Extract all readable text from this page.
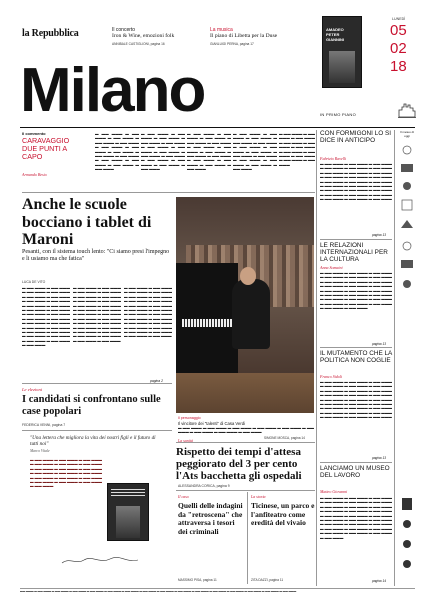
la Repubblica	Il concerto
Iron & Wine, emozioni folk
ANNIBALE CASTIGLIONI, pagina 16
La musica
Il piano di Libetta per la Duse
GIANLUIGI PERNA, pagina 17
AMADEO PETER GIANNINI
LUNEDÌ
05
02
18
Milano	IN PRIMO PIANO
Il commento
CARAVAGGIO DUE PUNTI A CAPO
Armando Besio
▬ ▬▬ ▬▬▬ ▬ ▬▬ ▬▬▬ ▬ ▬▬ ▬▬▬ ▬ ▬▬ ▬▬▬ ▬ ▬▬ ▬▬▬ ▬ ▬▬ ▬▬▬ ▬ ▬▬ ▬▬▬ ▬ ▬▬ ▬▬▬ ▬ ▬▬ ▬▬▬ ▬ ▬▬ ▬▬▬ ▬ ▬▬ ▬▬▬ ▬ ▬▬ ▬▬▬ ▬ ▬▬ ▬▬▬ ▬ ▬▬ ▬▬▬
▬ ▬▬ ▬▬▬ ▬ ▬▬ ▬▬▬ ▬ ▬▬ ▬▬▬ ▬ ▬▬ ▬▬▬ ▬ ▬▬ ▬▬▬ ▬ ▬▬ ▬▬▬ ▬ ▬▬ ▬▬▬ ▬ ▬▬ ▬▬▬ ▬ ▬▬ ▬▬▬ ▬ ▬▬ ▬▬▬ ▬ ▬▬ ▬▬▬ ▬ ▬▬ ▬▬▬ ▬ ▬▬ ▬▬▬ ▬ ▬▬ ▬▬▬
▬ ▬▬ ▬▬▬ ▬ ▬▬ ▬▬▬ ▬ ▬▬ ▬▬▬ ▬ ▬▬ ▬▬▬ ▬ ▬▬ ▬▬▬ ▬ ▬▬ ▬▬▬ ▬ ▬▬ ▬▬▬ ▬ ▬▬ ▬▬▬ ▬ ▬▬ ▬▬▬ ▬ ▬▬ ▬▬▬ ▬ ▬▬ ▬▬▬ ▬ ▬▬ ▬▬▬ ▬ ▬▬ ▬▬▬ ▬ ▬▬ ▬▬▬
▬ ▬▬ ▬▬▬ ▬ ▬▬ ▬▬▬ ▬ ▬▬ ▬▬▬ ▬ ▬▬ ▬▬▬ ▬ ▬▬ ▬▬▬ ▬ ▬▬ ▬▬▬ ▬ ▬▬ ▬▬▬ ▬ ▬▬ ▬▬▬ ▬ ▬▬ ▬▬▬ ▬ ▬▬ ▬▬▬ ▬ ▬▬ ▬▬▬ ▬ ▬▬ ▬▬▬ ▬ ▬▬ ▬▬▬ ▬ ▬▬ ▬▬▬
▬ ▬▬ ▬▬▬ ▬ ▬▬ ▬▬▬ ▬ ▬▬ ▬▬▬ ▬ ▬▬ ▬▬▬ ▬ ▬▬ ▬▬▬ ▬ ▬▬ ▬▬▬ ▬ ▬▬ ▬▬▬ ▬ ▬▬ ▬▬▬ ▬ ▬▬ ▬▬▬ ▬ ▬▬ ▬▬▬ ▬ ▬▬ ▬▬▬
Anche le scuole bocciano i tablet di Maroni
Pesanti, con il sistema touch lento: "Ci siamo presi l'impegno e li usiamo ma che fatica"
LUCA DE VITO
▬ ▬▬ ▬▬▬ ▬ ▬▬ ▬▬▬ ▬ ▬▬ ▬▬▬ ▬ ▬▬ ▬▬▬ ▬ ▬▬ ▬▬▬ ▬ ▬▬ ▬▬▬ ▬ ▬▬ ▬▬▬ ▬ ▬▬ ▬▬▬ ▬ ▬▬ ▬▬▬ ▬ ▬▬ ▬▬▬ ▬ ▬▬ ▬▬▬ ▬ ▬▬ ▬▬▬ ▬ ▬▬ ▬▬▬ ▬ ▬▬ ▬▬▬ ▬ ▬▬ ▬▬▬ ▬ ▬▬ ▬▬▬ ▬ ▬▬ ▬▬▬ ▬ ▬▬ ▬▬▬ ▬ ▬▬ ▬▬▬ ▬ ▬▬ ▬▬▬ ▬ ▬▬ ▬▬▬ ▬ ▬▬ ▬▬▬ ▬ ▬▬ ▬▬▬ ▬ ▬▬ ▬▬▬ ▬ ▬▬ ▬▬▬ ▬ ▬▬ ▬▬▬ ▬ ▬▬ ▬▬▬
▬ ▬▬ ▬▬▬ ▬ ▬▬ ▬▬▬ ▬ ▬▬ ▬▬▬ ▬ ▬▬ ▬▬▬ ▬ ▬▬ ▬▬▬ ▬ ▬▬ ▬▬▬ ▬ ▬▬ ▬▬▬ ▬ ▬▬ ▬▬▬ ▬ ▬▬ ▬▬▬ ▬ ▬▬ ▬▬▬ ▬ ▬▬ ▬▬▬ ▬ ▬▬ ▬▬▬ ▬ ▬▬ ▬▬▬ ▬ ▬▬ ▬▬▬ ▬ ▬▬ ▬▬▬ ▬ ▬▬ ▬▬▬ ▬ ▬▬ ▬▬▬ ▬ ▬▬ ▬▬▬ ▬ ▬▬ ▬▬▬ ▬ ▬▬ ▬▬▬ ▬ ▬▬ ▬▬▬ ▬ ▬▬ ▬▬▬ ▬ ▬▬ ▬▬▬ ▬ ▬▬ ▬▬▬ ▬ ▬▬ ▬▬▬ ▬ ▬▬ ▬▬▬
▬ ▬▬ ▬▬▬ ▬ ▬▬ ▬▬▬ ▬ ▬▬ ▬▬▬ ▬ ▬▬ ▬▬▬ ▬ ▬▬ ▬▬▬ ▬ ▬▬ ▬▬▬ ▬ ▬▬ ▬▬▬ ▬ ▬▬ ▬▬▬ ▬ ▬▬ ▬▬▬ ▬ ▬▬ ▬▬▬ ▬ ▬▬ ▬▬▬ ▬ ▬▬ ▬▬▬ ▬ ▬▬ ▬▬▬ ▬ ▬▬ ▬▬▬ ▬ ▬▬ ▬▬▬ ▬ ▬▬ ▬▬▬ ▬ ▬▬ ▬▬▬ ▬ ▬▬ ▬▬▬ ▬ ▬▬ ▬▬▬ ▬ ▬▬ ▬▬▬ ▬ ▬▬ ▬▬▬ ▬ ▬▬ ▬▬▬ ▬ ▬▬ ▬▬▬ ▬ ▬▬ ▬▬▬
pagina 2
Il personaggio
Il vincitore dei "talenti" di Casa Verdi
▬ ▬▬ ▬▬▬ ▬ ▬▬ ▬▬▬ ▬ ▬▬ ▬▬▬ ▬ ▬▬ ▬▬▬ ▬ ▬▬ ▬▬▬ ▬ ▬▬ ▬▬▬ ▬ ▬▬ ▬▬▬ ▬ ▬▬ ▬▬▬ ▬ ▬▬ ▬▬▬
SIMONE MOSCA, pagina 14
Le elezioni
I candidati si confrontano sulle case popolari
FEDERICA VENNI, pagina 7
"Una lettera che migliora la vita dei nostri figli e il futuro di tutti noi"
Marco Vitale
▬ ▬▬ ▬▬▬ ▬ ▬▬ ▬▬▬ ▬ ▬▬ ▬▬▬ ▬ ▬▬ ▬▬▬ ▬ ▬▬ ▬▬▬ ▬ ▬▬ ▬▬▬ ▬ ▬▬ ▬▬▬ ▬ ▬▬ ▬▬▬ ▬ ▬▬ ▬▬▬ ▬ ▬▬ ▬▬▬ ▬ ▬▬ ▬▬▬ ▬ ▬▬ ▬▬▬ ▬ ▬▬ ▬▬▬ ▬ ▬▬ ▬▬▬ ▬ ▬▬ ▬▬▬ ▬ ▬▬ ▬▬▬ ▬ ▬▬ ▬▬▬ ▬ ▬▬ ▬▬▬ ▬ ▬▬ ▬▬▬
La sanità
Rispetto dei tempi d'attesa peggiorato del 3 per cento l'Ats bacchetta gli ospedali
ALESSANDRA CORICA, pagina 9
Il caso
Quelli delle indagini da "retroscena" che attraversa i tesori dei criminali
MASSIMO PISA, pagina 11
La storia
Ticinese, un parco e l'anfiteatro come eredità del vivaio
ZITA DAZZI, pagina 11
CON FORMIGONI LO SI DICE IN ANTICIPO
Fabrizio Ravelli
▬ ▬▬ ▬▬▬ ▬ ▬▬ ▬▬▬ ▬ ▬▬ ▬▬▬ ▬ ▬▬ ▬▬▬ ▬ ▬▬ ▬▬▬ ▬ ▬▬ ▬▬▬ ▬ ▬▬ ▬▬▬ ▬ ▬▬ ▬▬▬ ▬ ▬▬ ▬▬▬ ▬ ▬▬ ▬▬▬ ▬ ▬▬ ▬▬▬ ▬ ▬▬ ▬▬▬ ▬ ▬▬ ▬▬▬ ▬ ▬▬ ▬▬▬ ▬ ▬▬ ▬▬▬ ▬ ▬▬ ▬▬▬ ▬ ▬▬ ▬▬▬ ▬ ▬▬ ▬▬▬ ▬ ▬▬ ▬▬▬ ▬ ▬▬ ▬▬▬ ▬ ▬▬ ▬▬▬ ▬ ▬▬ ▬▬▬ ▬ ▬▬ ▬▬▬ ▬ ▬▬ ▬▬▬ ▬ ▬▬ ▬▬▬ ▬ ▬▬ ▬▬▬ ▬ ▬▬ ▬▬▬
pagina 13
LE RELAZIONI INTERNAZIONALI PER LA CULTURA
Anna Somaini
▬ ▬▬ ▬▬▬ ▬ ▬▬ ▬▬▬ ▬ ▬▬ ▬▬▬ ▬ ▬▬ ▬▬▬ ▬ ▬▬ ▬▬▬ ▬ ▬▬ ▬▬▬ ▬ ▬▬ ▬▬▬ ▬ ▬▬ ▬▬▬ ▬ ▬▬ ▬▬▬ ▬ ▬▬ ▬▬▬ ▬ ▬▬ ▬▬▬ ▬ ▬▬ ▬▬▬ ▬ ▬▬ ▬▬▬ ▬ ▬▬ ▬▬▬ ▬ ▬▬ ▬▬▬ ▬ ▬▬ ▬▬▬ ▬ ▬▬ ▬▬▬ ▬ ▬▬ ▬▬▬ ▬ ▬▬ ▬▬▬ ▬ ▬▬ ▬▬▬ ▬ ▬▬ ▬▬▬ ▬ ▬▬ ▬▬▬ ▬ ▬▬ ▬▬▬ ▬ ▬▬ ▬▬▬ ▬ ▬▬ ▬▬▬ ▬ ▬▬ ▬▬▬
pagina 13
IL MUTAMENTO CHE LA POLITICA NON COGLIE
Franco Sidoli
▬ ▬▬ ▬▬▬ ▬ ▬▬ ▬▬▬ ▬ ▬▬ ▬▬▬ ▬ ▬▬ ▬▬▬ ▬ ▬▬ ▬▬▬ ▬ ▬▬ ▬▬▬ ▬ ▬▬ ▬▬▬ ▬ ▬▬ ▬▬▬ ▬ ▬▬ ▬▬▬ ▬ ▬▬ ▬▬▬ ▬ ▬▬ ▬▬▬ ▬ ▬▬ ▬▬▬ ▬ ▬▬ ▬▬▬ ▬ ▬▬ ▬▬▬ ▬ ▬▬ ▬▬▬ ▬ ▬▬ ▬▬▬ ▬ ▬▬ ▬▬▬ ▬ ▬▬ ▬▬▬ ▬ ▬▬ ▬▬▬ ▬ ▬▬ ▬▬▬ ▬ ▬▬ ▬▬▬ ▬ ▬▬ ▬▬▬ ▬ ▬▬ ▬▬▬ ▬ ▬▬ ▬▬▬ ▬ ▬▬ ▬▬▬ ▬ ▬▬ ▬▬▬ ▬ ▬▬ ▬▬▬
pagina 13
LANCIAMO UN MUSEO DEL LAVORO
Matteo Giovanni
▬ ▬▬ ▬▬▬ ▬ ▬▬ ▬▬▬ ▬ ▬▬ ▬▬▬ ▬ ▬▬ ▬▬▬ ▬ ▬▬ ▬▬▬ ▬ ▬▬ ▬▬▬ ▬ ▬▬ ▬▬▬ ▬ ▬▬ ▬▬▬ ▬ ▬▬ ▬▬▬ ▬ ▬▬ ▬▬▬ ▬ ▬▬ ▬▬▬ ▬ ▬▬ ▬▬▬ ▬ ▬▬ ▬▬▬ ▬ ▬▬ ▬▬▬ ▬ ▬▬ ▬▬▬ ▬ ▬▬ ▬▬▬ ▬ ▬▬ ▬▬▬ ▬ ▬▬ ▬▬▬ ▬ ▬▬ ▬▬▬ ▬ ▬▬ ▬▬▬ ▬ ▬▬ ▬▬▬ ▬ ▬▬ ▬▬▬ ▬ ▬▬ ▬▬▬ ▬ ▬▬ ▬▬▬ ▬ ▬▬ ▬▬▬ ▬ ▬▬ ▬▬▬ ▬ ▬▬ ▬▬▬ ▬ ▬▬ ▬▬▬
pagina 14
Il meteo di oggi
▬▬ ▬▬▬ ▬ ▬▬ ▬▬▬ ▬ ▬▬ ▬▬▬ ▬ ▬▬ ▬▬▬ ▬ ▬▬ ▬▬▬ ▬ ▬▬ ▬▬▬ ▬ ▬▬ ▬▬▬ ▬ ▬▬ ▬▬▬ ▬ ▬▬ ▬▬▬ ▬ ▬▬ ▬▬▬ ▬ ▬▬ ▬▬▬ ▬ ▬▬ ▬▬▬ ▬ ▬▬ ▬▬▬ ▬ ▬▬ ▬▬▬ ▬ ▬▬ ▬▬▬ ▬ ▬▬ ▬▬▬
